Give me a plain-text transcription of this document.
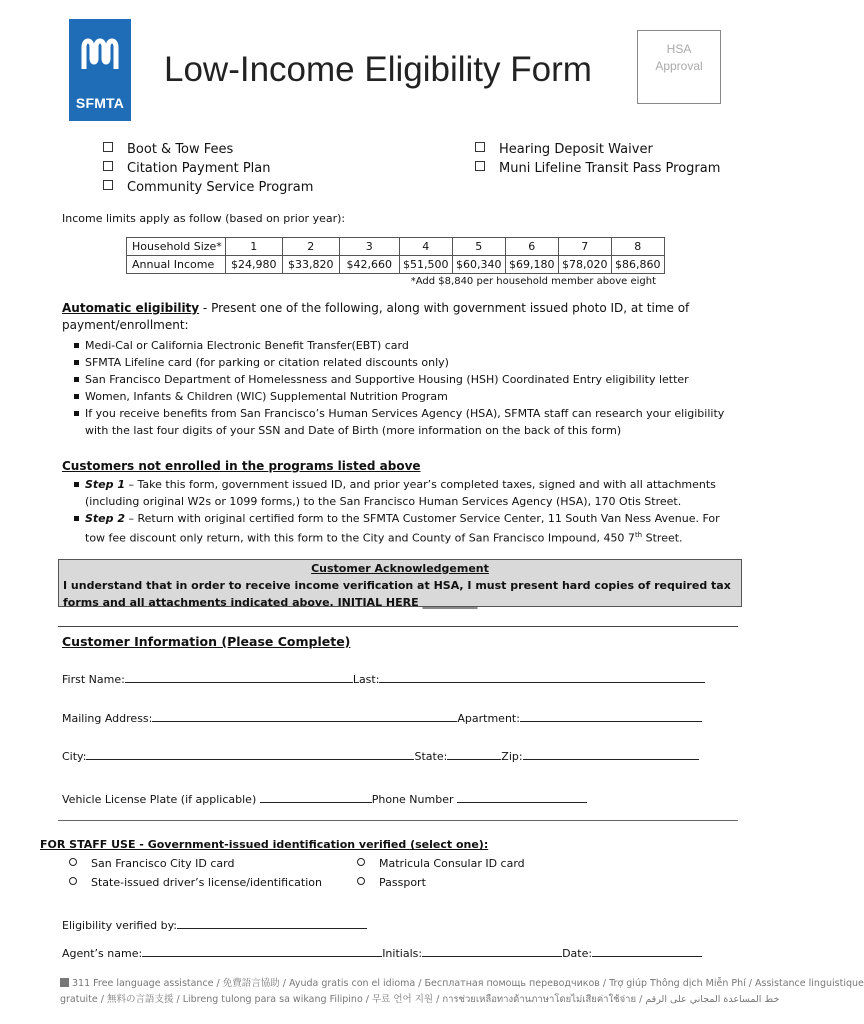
SFMTA
Low-Income Eligibility Form
HSA
Approval
Boot & Tow Fees
Citation Payment Plan
Community Service Program
Hearing Deposit Waiver
Muni Lifeline Transit Pass Program
Income limits apply as follow (based on prior year):
Household Size*	1	2	3	4	5	6	7	8
Annual Income	$24,980	$33,820	$42,660	$51,500	$60,340	$69,180	$78,020	$86,860
*Add $8,840 per household member above eight
Automatic eligibility - Present one of the following, along with government issued photo ID, at time of
payment/enrollment:
Medi-Cal or California Electronic Benefit Transfer(EBT) card
SFMTA Lifeline card (for parking or citation related discounts only)
San Francisco Department of Homelessness and Supportive Housing (HSH) Coordinated Entry eligibility letter
Women, Infants & Children (WIC) Supplemental Nutrition Program
If you receive benefits from San Francisco’s Human Services Agency (HSA), SFMTA staff can research your eligibility with the last four digits of your SSN and Date of Birth (more information on the back of this form)
Customers not enrolled in the programs listed above
Step 1 – Take this form, government issued ID, and prior year’s completed taxes, signed and with all attachments (including original W2s or 1099 forms,) to the San Francisco Human Services Agency (HSA), 170 Otis Street.
Step 2 – Return with original certified form to the SFMTA Customer Service Center, 11 South Van Ness Avenue. For tow fee discount only return, with this form to the City and County of San Francisco Impound, 450 7th Street.
Customer Acknowledgement
I understand that in order to receive income verification at HSA, I must present hard copies of required tax forms and all attachments indicated above. INITIAL HERE __________
Customer Information (Please Complete)
First Name:	Last:
Mailing Address:	Apartment:
City:	State:	Zip:
Vehicle License Plate (if applicable)	Phone Number
FOR STAFF USE - Government-issued identification verified (select one):
San Francisco City ID card	Matricula Consular ID card
State-issued driver’s license/identification	Passport
Eligibility verified by:
Agent’s name:	Initials:	Date:
311 Free language assistance / 免費語言協助 / Ayuda gratis con el idioma / Бесплатная помощь переводчиков / Trợ giúp Thông dịch Miễn Phí / Assistance linguistique
gratuite / 無料の言語支援 / Libreng tulong para sa wikang Filipino / 무료 언어 지원 / การช่วยเหลือทางด้านภาษาโดยไม่เสียค่าใช้จ่าย / خط المساعدة المجاني على الرقم
